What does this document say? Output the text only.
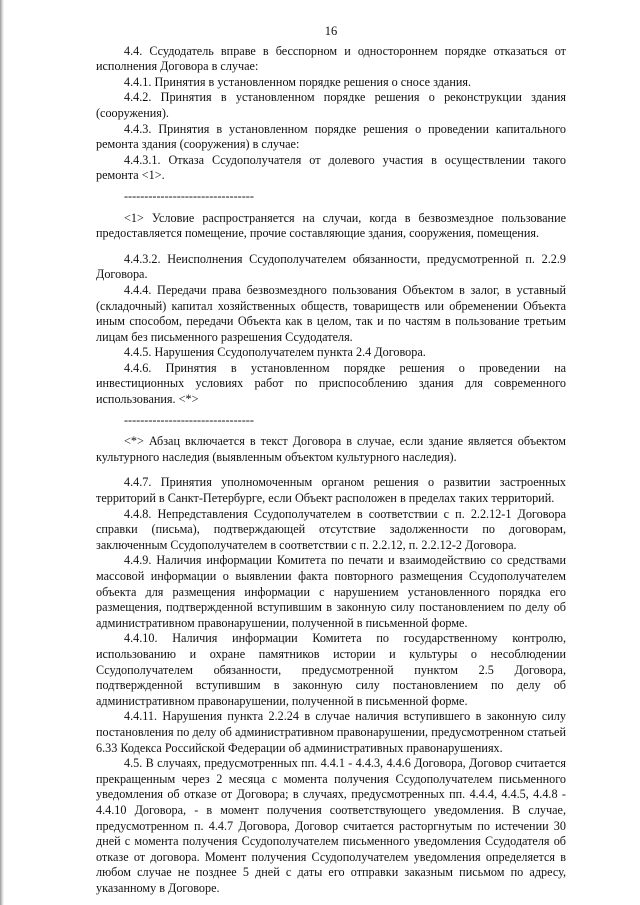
16

4.4. Ссудодатель вправе в бесспорном и одностороннем порядке отказаться от исполнения Договора в случае:

4.4.1. Принятия в установленном порядке решения о сносе здания.

4.4.2. Принятия в установленном порядке решения о реконструкции здания (сооружения).

4.4.3. Принятия в установленном порядке решения о проведении капитального ремонта здания (сооружения) в случае:

4.4.3.1. Отказа Ссудополучателя от долевого участия в осуществлении такого ремонта <1>.

--------------------------------

<1> Условие распространяется на случаи, когда в безвозмездное пользование предоставляется помещение, прочие составляющие здания, сооружения, помещения.

4.4.3.2. Неисполнения Ссудополучателем обязанности, предусмотренной п. 2.2.9 Договора.

4.4.4. Передачи права безвозмездного пользования Объектом в залог, в уставный (складочный) капитал хозяйственных обществ, товариществ или обременении Объекта иным способом, передачи Объекта как в целом, так и по частям в пользование третьим лицам без письменного разрешения Ссудодателя.

4.4.5. Нарушения Ссудополучателем пункта 2.4 Договора.

4.4.6. Принятия в установленном порядке решения о проведении на инвестиционных условиях работ по приспособлению здания для современного использования. <*>

--------------------------------

<*> Абзац включается в текст Договора в случае, если здание является объектом культурного наследия (выявленным объектом культурного наследия).

4.4.7. Принятия уполномоченным органом решения о развитии застроенных территорий в Санкт-Петербурге, если Объект расположен в пределах таких территорий.

4.4.8. Непредставления Ссудополучателем в соответствии с п. 2.2.12-1 Договора справки (письма), подтверждающей отсутствие задолженности по договорам, заключенным Ссудополучателем в соответствии с п. 2.2.12, п. 2.2.12-2 Договора.

4.4.9. Наличия информации Комитета по печати и взаимодействию со средствами массовой информации о выявлении факта повторного размещения Ссудополучателем объекта для размещения информации с нарушением установленного порядка его размещения, подтвержденной вступившим в законную силу постановлением по делу об административном правонарушении, полученной в письменной форме.

4.4.10. Наличия информации Комитета по государственному контролю, использованию и охране памятников истории и культуры о несоблюдении Ссудополучателем обязанности, предусмотренной пунктом 2.5 Договора, подтвержденной вступившим в законную силу постановлением по делу об административном правонарушении, полученной в письменной форме.

4.4.11. Нарушения пункта 2.2.24 в случае наличия вступившего в законную силу постановления по делу об административном правонарушении, предусмотренном статьей 6.33 Кодекса Российской Федерации об административных правонарушениях.

4.5. В случаях, предусмотренных пп. 4.4.1 - 4.4.3, 4.4.6 Договора, Договор считается прекращенным через 2 месяца с момента получения Ссудополучателем письменного уведомления об отказе от Договора; в случаях, предусмотренных пп. 4.4.4, 4.4.5, 4.4.8 - 4.4.10 Договора, - в момент получения соответствующего уведомления. В случае, предусмотренном п. 4.4.7 Договора, Договор считается расторгнутым по истечении 30 дней с момента получения Ссудополучателем письменного уведомления Ссудодателя об отказе от договора. Момент получения Ссудополучателем уведомления определяется в любом случае не позднее 5 дней с даты его отправки заказным письмом по адресу, указанному в Договоре.
